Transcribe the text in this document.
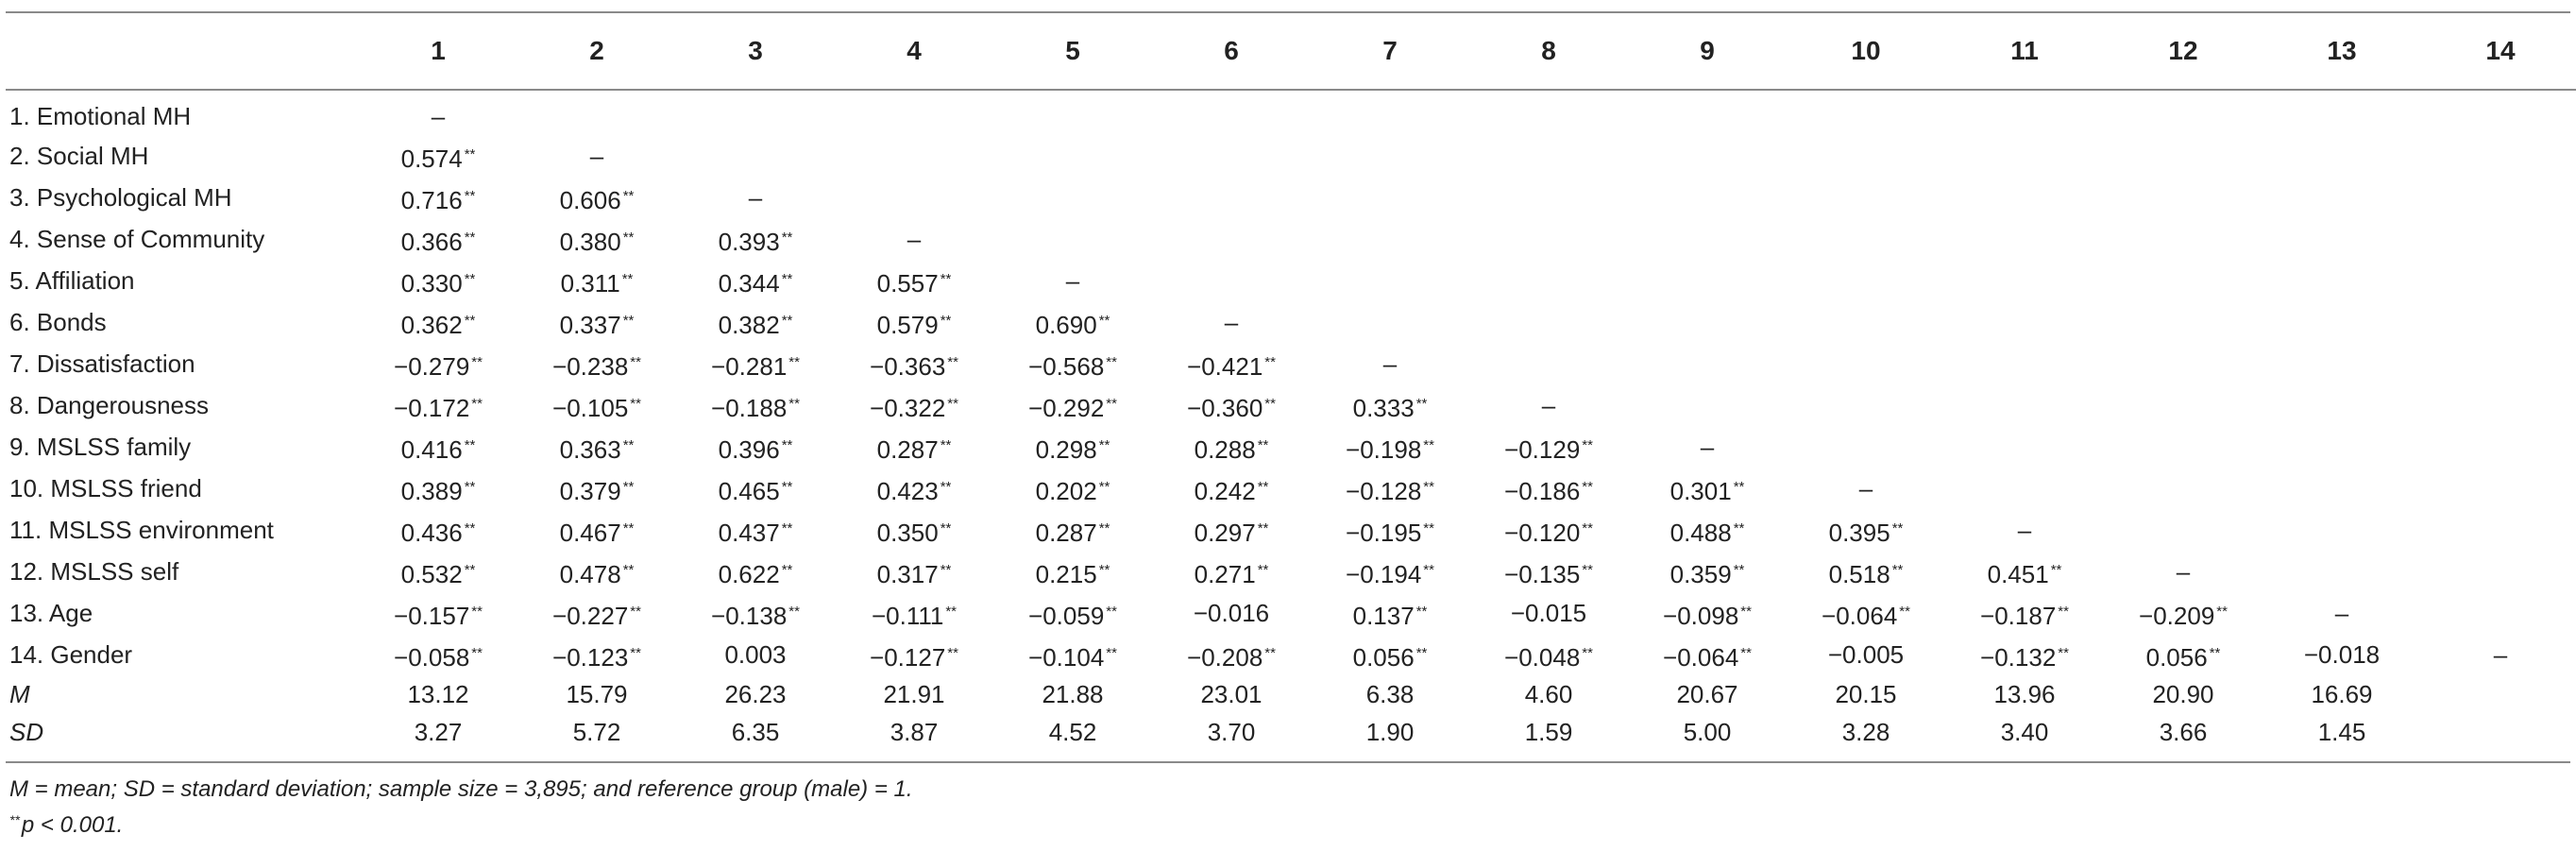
	1	2	3	4	5	6	7	8	9	10	11	12	13	14
1. Emotional MH	–													
2. Social MH	0.574 **	–												
3. Psychological MH	0.716 **	0.606 **	–											
4. Sense of Community	0.366 **	0.380 **	0.393 **	–										
5. Affiliation	0.330 **	0.311 **	0.344 **	0.557 **	–									
6. Bonds	0.362 **	0.337 **	0.382 **	0.579 **	0.690 **	–								
7. Dissatisfaction	−0.279 **	−0.238 **	−0.281 **	−0.363 **	−0.568 **	−0.421 **	–							
8. Dangerousness	−0.172 **	−0.105 **	−0.188 **	−0.322 **	−0.292 **	−0.360 **	0.333 **	–						
9. MSLSS family	0.416 **	0.363 **	0.396 **	0.287 **	0.298 **	0.288 **	−0.198 **	−0.129 **	–					
10. MSLSS friend	0.389 **	0.379 **	0.465 **	0.423 **	0.202 **	0.242 **	−0.128 **	−0.186 **	0.301 **	–				
11. MSLSS environment	0.436 **	0.467 **	0.437 **	0.350 **	0.287 **	0.297 **	−0.195 **	−0.120 **	0.488 **	0.395 **	–			
12. MSLSS self	0.532 **	0.478 **	0.622 **	0.317 **	0.215 **	0.271 **	−0.194 **	−0.135 **	0.359 **	0.518 **	0.451 **	–		
13. Age	−0.157 **	−0.227 **	−0.138 **	−0.111 **	−0.059 **	−0.016	0.137 **	−0.015	−0.098 **	−0.064 **	−0.187 **	−0.209 **	–	
14. Gender	−0.058 **	−0.123 **	0.003	−0.127 **	−0.104 **	−0.208 **	0.056 **	−0.048 **	−0.064 **	−0.005	−0.132 **	0.056 **	−0.018	–
M	13.12	15.79	26.23	21.91	21.88	23.01	6.38	4.60	20.67	20.15	13.96	20.90	16.69	
SD	3.27	5.72	6.35	3.87	4.52	3.70	1.90	1.59	5.00	3.28	3.40	3.66	1.45	
M = mean; SD = standard deviation; sample size = 3,895; and reference group (male) = 1.
**p < 0.001.
